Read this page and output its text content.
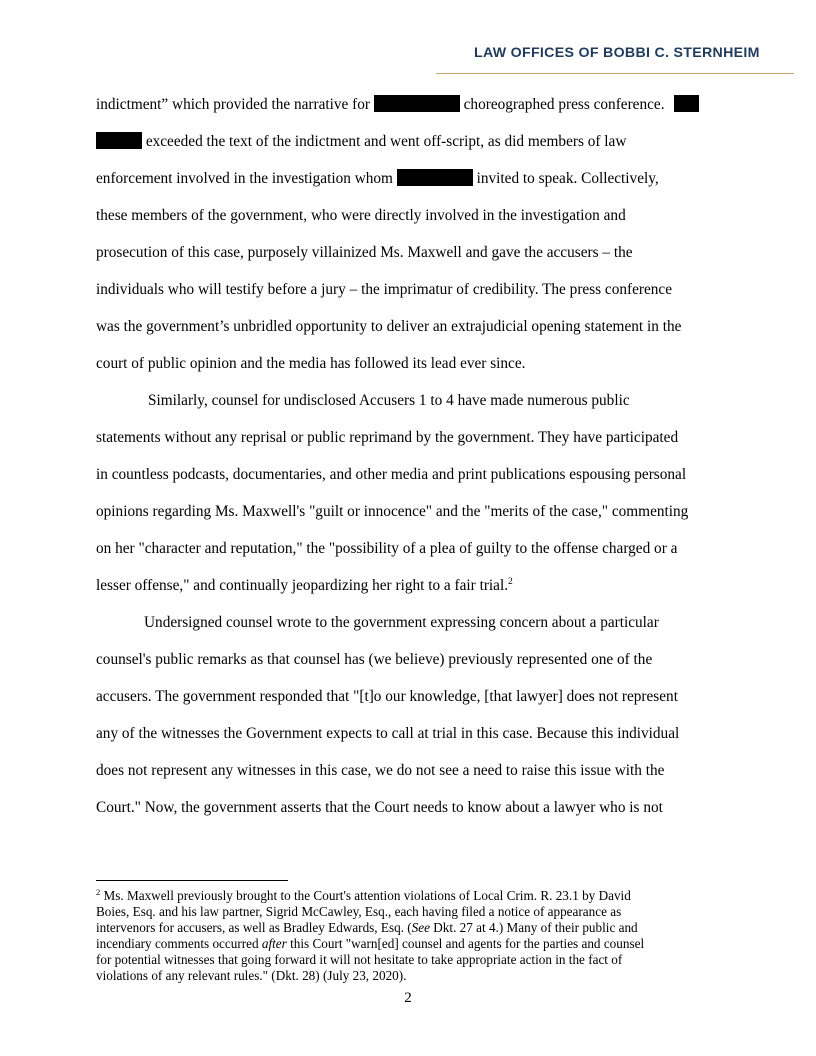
LAW OFFICES OF BOBBI C. STERNHEIM
indictment” which provided the narrative for	choreographed press conference.
exceeded the text of the indictment and went off-script, as did members of law
enforcement involved in the investigation whom	invited to speak. Collectively,
these members of the government, who were directly involved in the investigation and
prosecution of this case, purposely villainized Ms. Maxwell and gave the accusers – the
individuals who will testify before a jury – the imprimatur of credibility. The press conference
was the government’s unbridled opportunity to deliver an extrajudicial opening statement in the
court of public opinion and the media has followed its lead ever since.
Similarly, counsel for undisclosed Accusers 1 to 4 have made numerous public
statements without any reprisal or public reprimand by the government. They have participated
in countless podcasts, documentaries, and other media and print publications espousing personal
opinions regarding Ms. Maxwell's "guilt or innocence" and the "merits of the case," commenting
on her "character and reputation," the "possibility of a plea of guilty to the offense charged or a
lesser offense," and continually jeopardizing her right to a fair trial.$^2$
Undersigned counsel wrote to the government expressing concern about a particular
counsel's public remarks as that counsel has (we believe) previously represented one of the
accusers. The government responded that "[t]o our knowledge, [that lawyer] does not represent
any of the witnesses the Government expects to call at trial in this case. Because this individual
does not represent any witnesses in this case, we do not see a need to raise this issue with the
Court." Now, the government asserts that the Court needs to know about a lawyer who is not
$^2$ Ms. Maxwell previously brought to the Court's attention violations of Local Crim. R. 23.1 by David
Boies, Esq. and his law partner, Sigrid McCawley, Esq., each having filed a notice of appearance as
intervenors for accusers, as well as Bradley Edwards, Esq. (See Dkt. 27 at 4.) Many of their public and
incendiary comments occurred after this Court "warn[ed] counsel and agents for the parties and counsel
for potential witnesses that going forward it will not hesitate to take appropriate action in the fact of
violations of any relevant rules." (Dkt. 28) (July 23, 2020).
2
